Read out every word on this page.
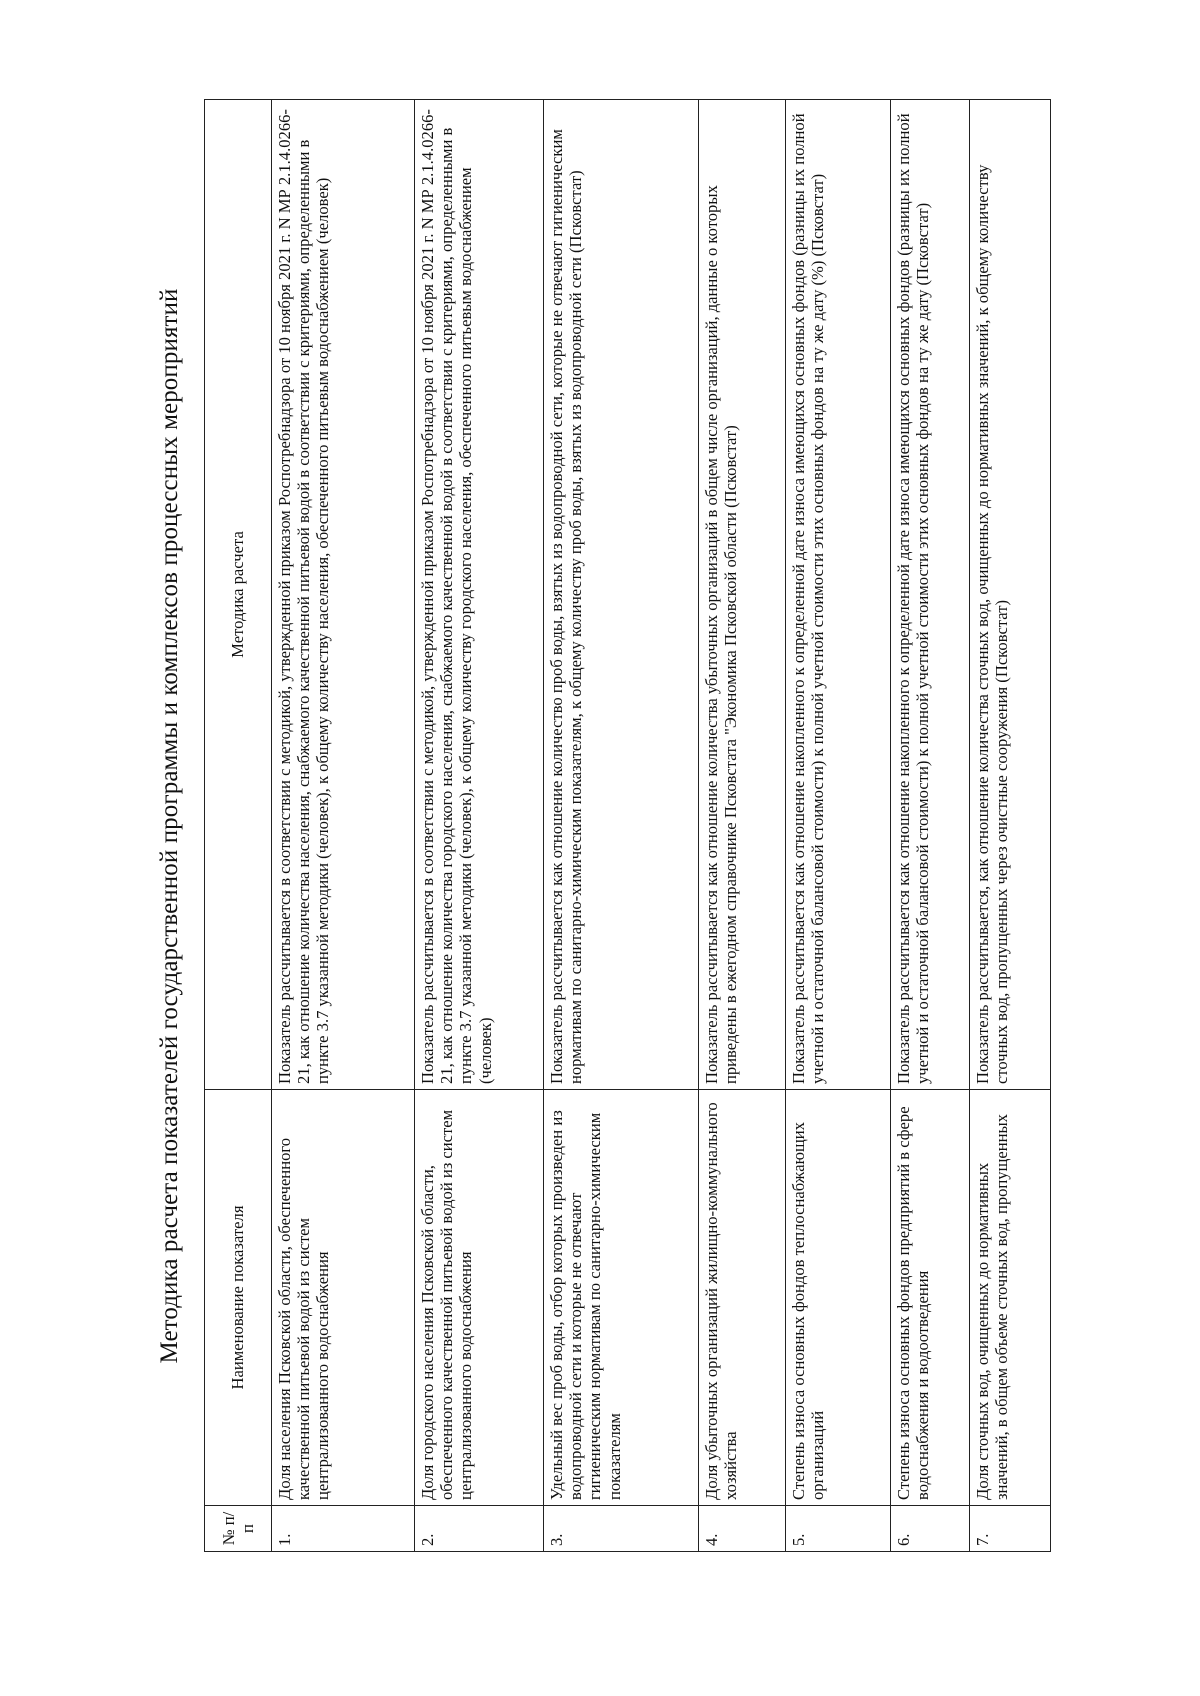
Методика расчета показателей государственной программы и комплексов процессных мероприятий
№ п/п	Наименование показателя	Методика расчета
1.	Доля населения Псковской области, обеспеченного качественной питьевой водой из систем централизованного водоснабжения	Показатель рассчитывается в соответствии с методикой, утвержденной приказом Роспотребнадзора от 10 ноября 2021 г. N МР 2.1.4.0266-21, как отношение количества населения, снабжаемого качественной питьевой водой в соответствии с критериями, определенными в пункте 3.7 указанной методики (человек), к общему количеству населения, обеспеченного питьевым водоснабжением (человек)
2.	Доля городского населения Псковской области, обеспеченного качественной питьевой водой из систем централизованного водоснабжения	Показатель рассчитывается в соответствии с методикой, утвержденной приказом Роспотребнадзора от 10 ноября 2021 г. N МР 2.1.4.0266-21, как отношение количества городского населения, снабжаемого качественной водой в соответствии с критериями, определенными в пункте 3.7 указанной методики (человек), к общему количеству городского населения, обеспеченного питьевым водоснабжением (человек)
3.	Удельный вес проб воды, отбор которых произведен из водопроводной сети и которые не отвечают гигиеническим нормативам по санитарно-химическим показателям	Показатель рассчитывается как отношение количество проб воды, взятых из водопроводной сети, которые не отвечают гигиеническим нормативам по санитарно-химическим показателям, к общему количеству проб воды, взятых из водопроводной сети (Псковстат)
4.	Доля убыточных организаций жилищно-коммунального хозяйства	Показатель рассчитывается как отношение количества убыточных организаций в общем числе организаций, данные о которых приведены в ежегодном справочнике Псковстата "Экономика Псковской области (Псковстат)
5.	Степень износа основных фондов теплоснабжающих организаций	Показатель рассчитывается как отношение накопленного к определенной дате износа имеющихся основных фондов (разницы их полной учетной и остаточной балансовой стоимости) к полной учетной стоимости этих основных фондов на ту же дату (%) (Псковстат)
6.	Степень износа основных фондов предприятий в сфере водоснабжения и водоотведения	Показатель рассчитывается как отношение накопленного к определенной дате износа имеющихся основных фондов (разницы их полной учетной и остаточной балансовой стоимости) к полной учетной стоимости этих основных фондов на ту же дату (Псковстат)
7.	Доля сточных вод, очищенных до нормативных значений, в общем объеме сточных вод, пропущенных	Показатель рассчитывается, как отношение количества сточных вод, очищенных до нормативных значений, к общему количеству сточных вод, пропущенных через очистные сооружения (Псковстат)
